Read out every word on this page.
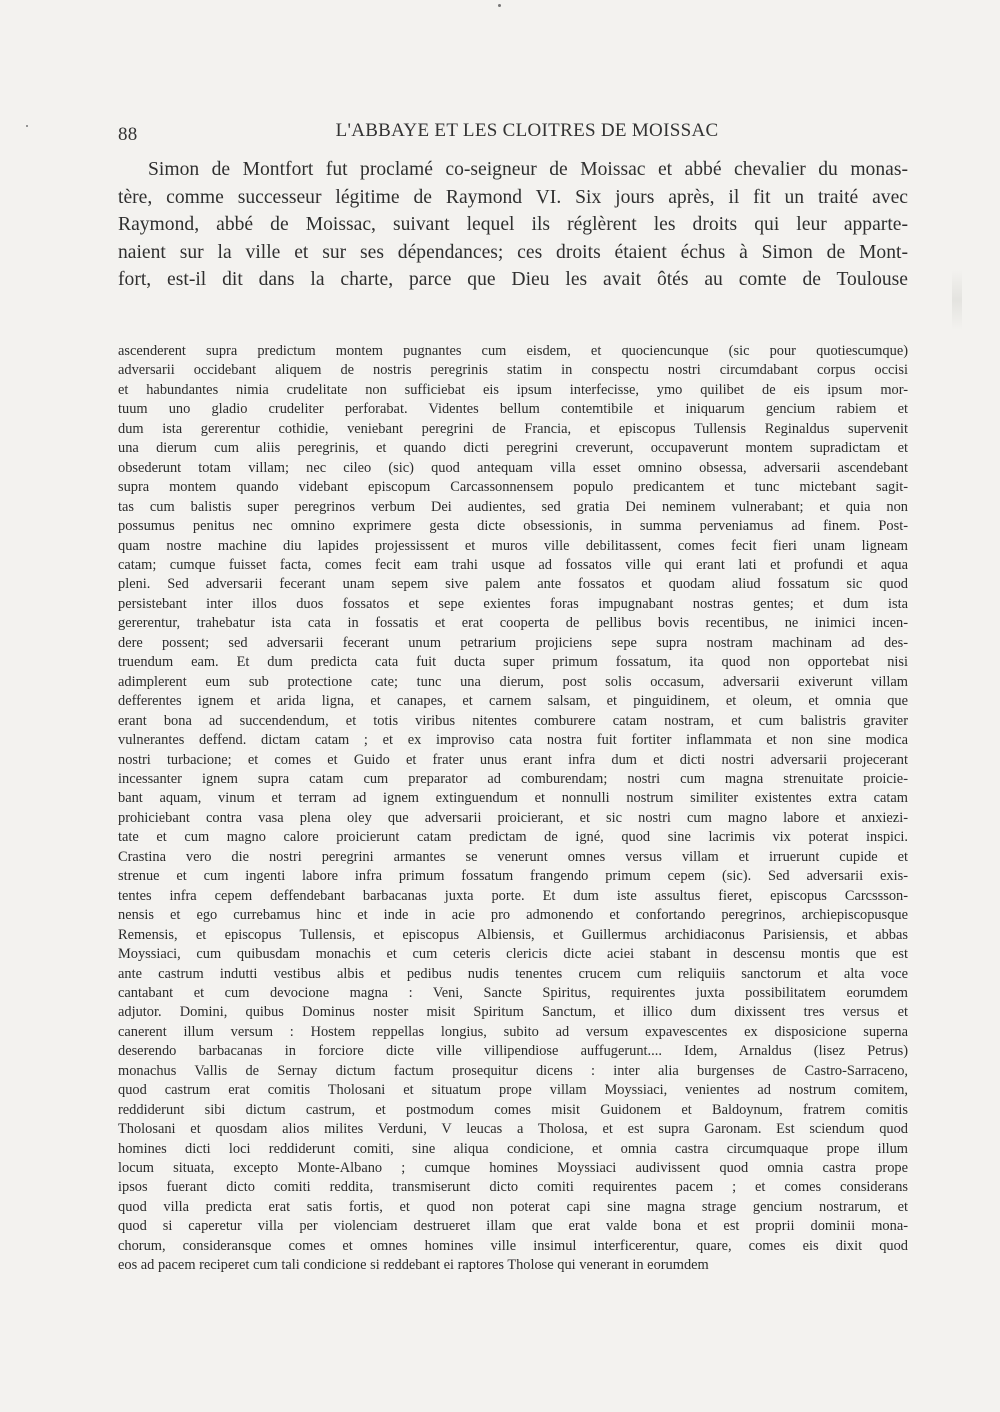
88	L'ABBAYE ET LES CLOITRES DE MOISSAC
Simon de Montfort fut proclamé co-seigneur de Moissac et abbé chevalier du monas-
tère, comme successeur légitime de Raymond VI. Six jours après, il fit un traité avec
Raymond, abbé de Moissac, suivant lequel ils réglèrent les droits qui leur apparte-
naient sur la ville et sur ses dépendances; ces droits étaient échus à Simon de Mont-
fort, est-il dit dans la charte, parce que Dieu les avait ôtés au comte de Toulouse
ascenderent supra predictum montem pugnantes cum eisdem, et quociencunque (sic pour quotiescumque)
adversarii occidebant aliquem de nostris peregrinis statim in conspectu nostri circumdabant corpus occisi
et habundantes nimia crudelitate non sufficiebat eis ipsum interfecisse, ymo quilibet de eis ipsum mor-
tuum uno gladio crudeliter perforabat. Videntes bellum contemtibile et iniquarum gencium rabiem et
dum ista gererentur cothidie, veniebant peregrini de Francia, et episcopus Tullensis Reginaldus supervenit
una dierum cum aliis peregrinis, et quando dicti peregrini creverunt, occupaverunt montem supradictam et
obsederunt totam villam; nec cileo (sic) quod antequam villa esset omnino obsessa, adversarii ascendebant
supra montem quando videbant episcopum Carcassonnensem populo predicantem et tunc mictebant sagit-
tas cum balistis super peregrinos verbum Dei audientes, sed gratia Dei neminem vulnerabant; et quia non
possumus penitus nec omnino exprimere gesta dicte obsessionis, in summa perveniamus ad finem. Post-
quam nostre machine diu lapides projessissent et muros ville debilitassent, comes fecit fieri unam ligneam
catam; cumque fuisset facta, comes fecit eam trahi usque ad fossatos ville qui erant lati et profundi et aqua
pleni. Sed adversarii fecerant unam sepem sive palem ante fossatos et quodam aliud fossatum sic quod
persistebant inter illos duos fossatos et sepe exientes foras impugnabant nostras gentes; et dum ista
gererentur, trahebatur ista cata in fossatis et erat cooperta de pellibus bovis recentibus, ne inimici incen-
dere possent; sed adversarii fecerant unum petrarium projiciens sepe supra nostram machinam ad des-
truendum eam. Et dum predicta cata fuit ducta super primum fossatum, ita quod non opportebat nisi
adimplerent eum sub protectione cate; tunc una dierum, post solis occasum, adversarii exiverunt villam
defferentes ignem et arida ligna, et canapes, et carnem salsam, et pinguidinem, et oleum, et omnia que
erant bona ad succendendum, et totis viribus nitentes comburere catam nostram, et cum balistris graviter
vulnerantes deffend. dictam catam ; et ex improviso cata nostra fuit fortiter inflammata et non sine modica
nostri turbacione; et comes et Guido et frater unus erant infra dum et dicti nostri adversarii projecerant
incessanter ignem supra catam cum preparator ad comburendam; nostri cum magna strenuitate proicie-
bant aquam, vinum et terram ad ignem extinguendum et nonnulli nostrum similiter existentes extra catam
prohiciebant contra vasa plena oley que adversarii proicierant, et sic nostri cum magno labore et anxiezi-
tate et cum magno calore proicierunt catam predictam de igné, quod sine lacrimis vix poterat inspici.
Crastina vero die nostri peregrini armantes se venerunt omnes versus villam et irruerunt cupide et
strenue et cum ingenti labore infra primum fossatum frangendo primum cepem (sic). Sed adversarii exis-
tentes infra cepem deffendebant barbacanas juxta porte. Et dum iste assultus fieret, episcopus Carcssson-
nensis et ego currebamus hinc et inde in acie pro admonendo et confortando peregrinos, archiepiscopusque
Remensis, et episcopus Tullensis, et episcopus Albiensis, et Guillermus archidiaconus Parisiensis, et abbas
Moyssiaci, cum quibusdam monachis et cum ceteris clericis dicte aciei stabant in descensu montis que est
ante castrum indutti vestibus albis et pedibus nudis tenentes crucem cum reliquiis sanctorum et alta voce
cantabant et cum devocione magna : Veni, Sancte Spiritus, requirentes juxta possibilitatem eorumdem
adjutor. Domini, quibus Dominus noster misit Spiritum Sanctum, et illico dum dixissent tres versus et
canerent illum versum : Hostem reppellas longius, subito ad versum expavescentes ex disposicione superna
deserendo barbacanas in forciore dicte ville villipendiose auffugerunt.... Idem, Arnaldus (lisez Petrus)
monachus Vallis de Sernay dictum factum prosequitur dicens : inter alia burgenses de Castro-Sarraceno,
quod castrum erat comitis Tholosani et situatum prope villam Moyssiaci, venientes ad nostrum comitem,
reddiderunt sibi dictum castrum, et postmodum comes misit Guidonem et Baldoynum, fratrem comitis
Tholosani et quosdam alios milites Verduni, V leucas a Tholosa, et est supra Garonam. Est sciendum quod
homines dicti loci reddiderunt comiti, sine aliqua condicione, et omnia castra circumquaque prope illum
locum situata, excepto Monte-Albano ; cumque homines Moyssiaci audivissent quod omnia castra prope
ipsos fuerant dicto comiti reddita, transmiserunt dicto comiti requirentes pacem ; et comes considerans
quod villa predicta erat satis fortis, et quod non poterat capi sine magna strage gencium nostrarum, et
quod si caperetur villa per violenciam destrueret illam que erat valde bona et est proprii dominii mona-
chorum, consideransque comes et omnes homines ville insimul interficerentur, quare, comes eis dixit quod
eos ad pacem reciperet cum tali condicione si reddebant ei raptores Tholose qui venerant in eorumdem
